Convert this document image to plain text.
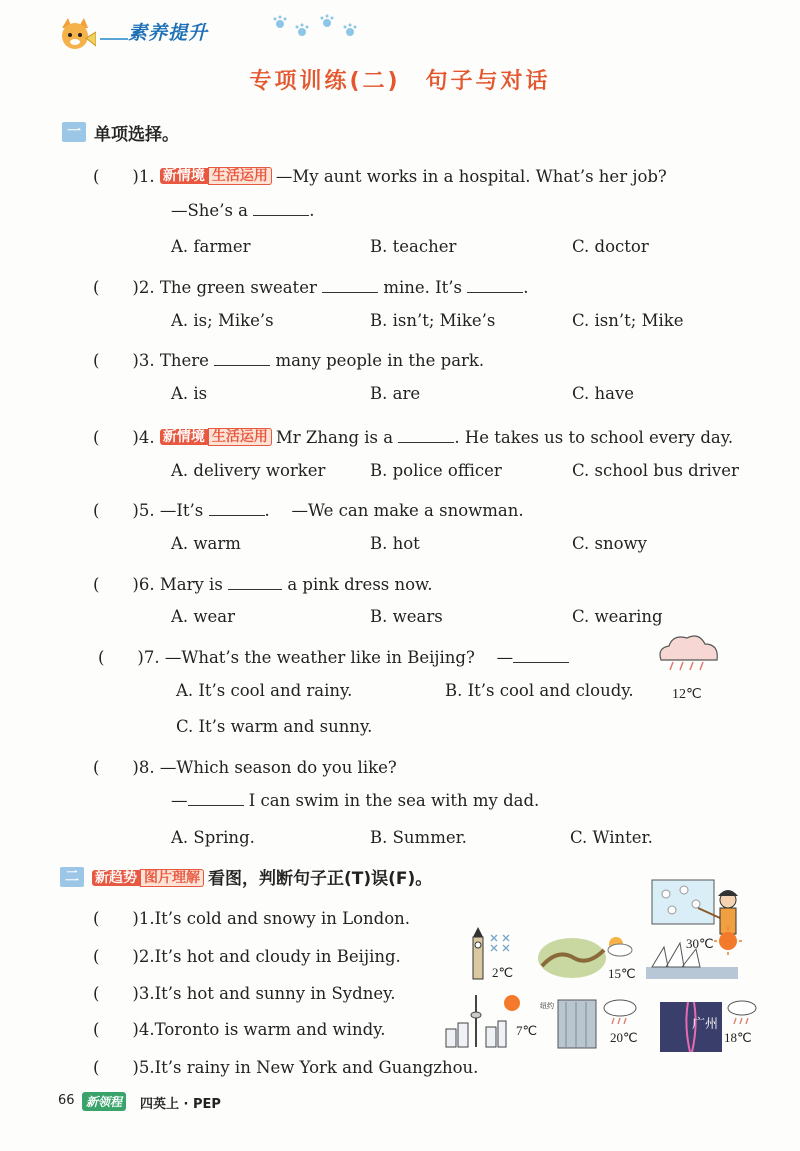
素养提升
专项训练(二)　句子与对话
一 单项选择。
(　　)1. 新情境 生活运用 —My aunt works in a hospital. What’s her job?
—She’s a	.
A. farmer	B. teacher	C. doctor
(　　)2. The green sweater	mine. It’s	.
A. is; Mike’s	B. isn’t; Mike’s	C. isn’t; Mike
(　　)3. There	many people in the park.
A. is	B. are	C. have
(　　)4. 新情境 生活运用 Mr Zhang is a	. He takes us to school every day.
A. delivery worker	B. police officer	C. school bus driver
(　　)5. —It’s	.　 —We can make a snowman.
A. warm	B. hot	C. snowy
(　　)6. Mary is	a pink dress now.
A. wear	B. wears	C. wearing
(　　)7. —What’s the weather like in Beijing?　 —
A. It’s cool and rainy.	B. It’s cool and cloudy.
C. It’s warm and sunny.
12℃
(　　)8. —Which season do you like?
—	I can swim in the sea with my dad.
A. Spring.	B. Summer.	C. Winter.
二	新趋势 图片理解 看图，判断句子正(T)误(F)。
(　　)1.It’s cold and snowy in London.
(　　)2.It’s hot and cloudy in Beijing.
(　　)3.It’s hot and sunny in Sydney.
(　　)4.Toronto is warm and windy.
(　　)5.It’s rainy in New York and Guangzhou.
2℃	15℃
30℃
7℃
纽约
20℃
广州
18℃
66 新领程	四英上 · PEP
